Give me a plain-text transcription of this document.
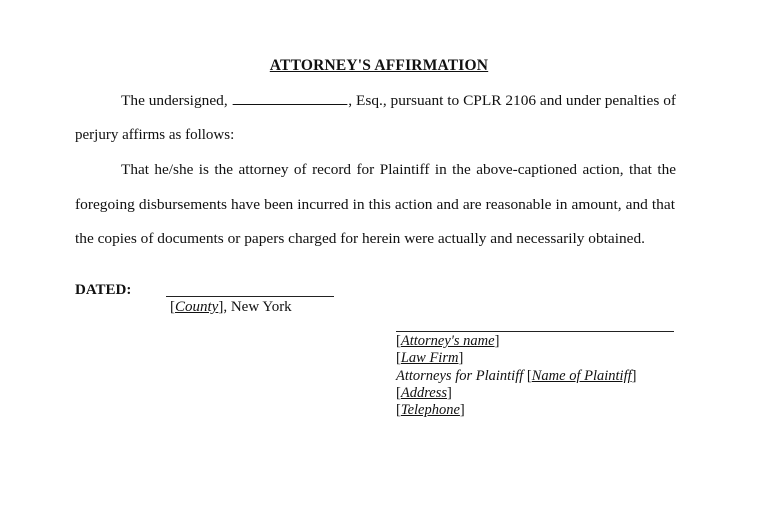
ATTORNEY'S AFFIRMATION
The undersigned,	, Esq., pursuant to CPLR 2106 and under penalties of
perjury affirms as follows:
That he/she is the attorney of record for Plaintiff in the above-captioned action, that the
foregoing disbursements have been incurred in this action and are reasonable in amount, and that
the copies of documents or papers charged for herein were actually and necessarily obtained.
DATED:
[County], New York
[Attorney's name]
[Law Firm]
Attorneys for Plaintiff [Name of Plaintiff]
[Address]
[Telephone]
